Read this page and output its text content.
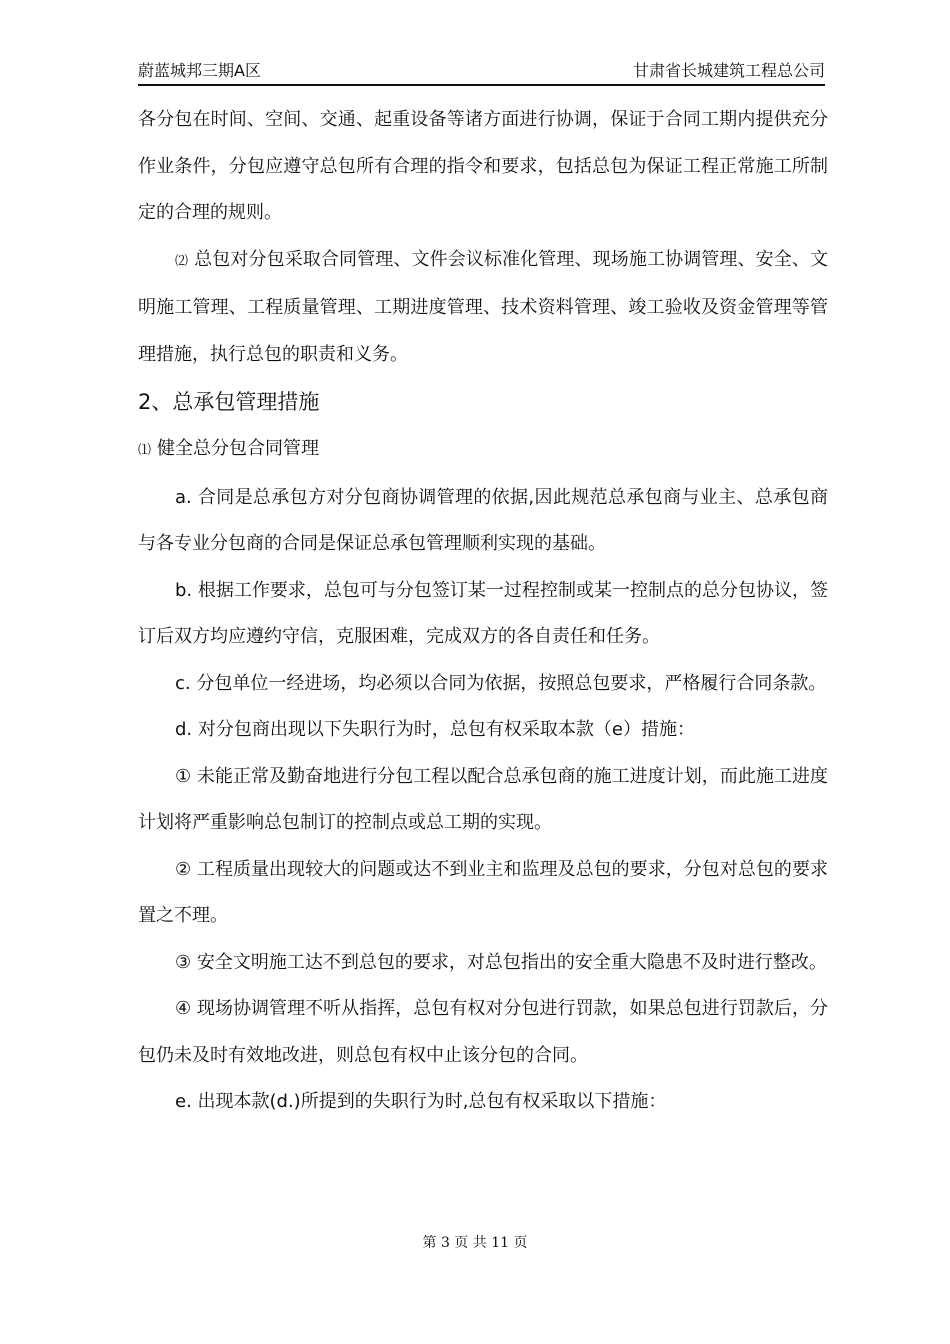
蔚蓝城邦三期A区	甘肃省长城建筑工程总公司

各分包在时间、空间、交通、起重设备等诸方面进行协调，保证于合同工期内提供充分作业条件，分包应遵守总包所有合理的指令和要求，包括总包为保证工程正常施工所制定的合理的规则。

⑵ 总包对分包采取合同管理、文件会议标准化管理、现场施工协调管理、安全、文明施工管理、工程质量管理、工期进度管理、技术资料管理、竣工验收及资金管理等管理措施，执行总包的职责和义务。

2、总承包管理措施

⑴ 健全总分包合同管理

a. 合同是总承包方对分包商协调管理的依据,因此规范总承包商与业主、总承包商与各专业分包商的合同是保证总承包管理顺利实现的基础。

b. 根据工作要求，总包可与分包签订某一过程控制或某一控制点的总分包协议，签订后双方均应遵约守信，克服困难，完成双方的各自责任和任务。

c. 分包单位一经进场，均必须以合同为依据，按照总包要求，严格履行合同条款。

d. 对分包商出现以下失职行为时，总包有权采取本款（e）措施：

① 未能正常及勤奋地进行分包工程以配合总承包商的施工进度计划，而此施工进度计划将严重影响总包制订的控制点或总工期的实现。

② 工程质量出现较大的问题或达不到业主和监理及总包的要求，分包对总包的要求置之不理。

③ 安全文明施工达不到总包的要求，对总包指出的安全重大隐患不及时进行整改。

④ 现场协调管理不听从指挥，总包有权对分包进行罚款，如果总包进行罚款后，分包仍未及时有效地改进，则总包有权中止该分包的合同。

e. 出现本款(d.)所提到的失职行为时,总包有权采取以下措施：

第 3 页 共 11 页
